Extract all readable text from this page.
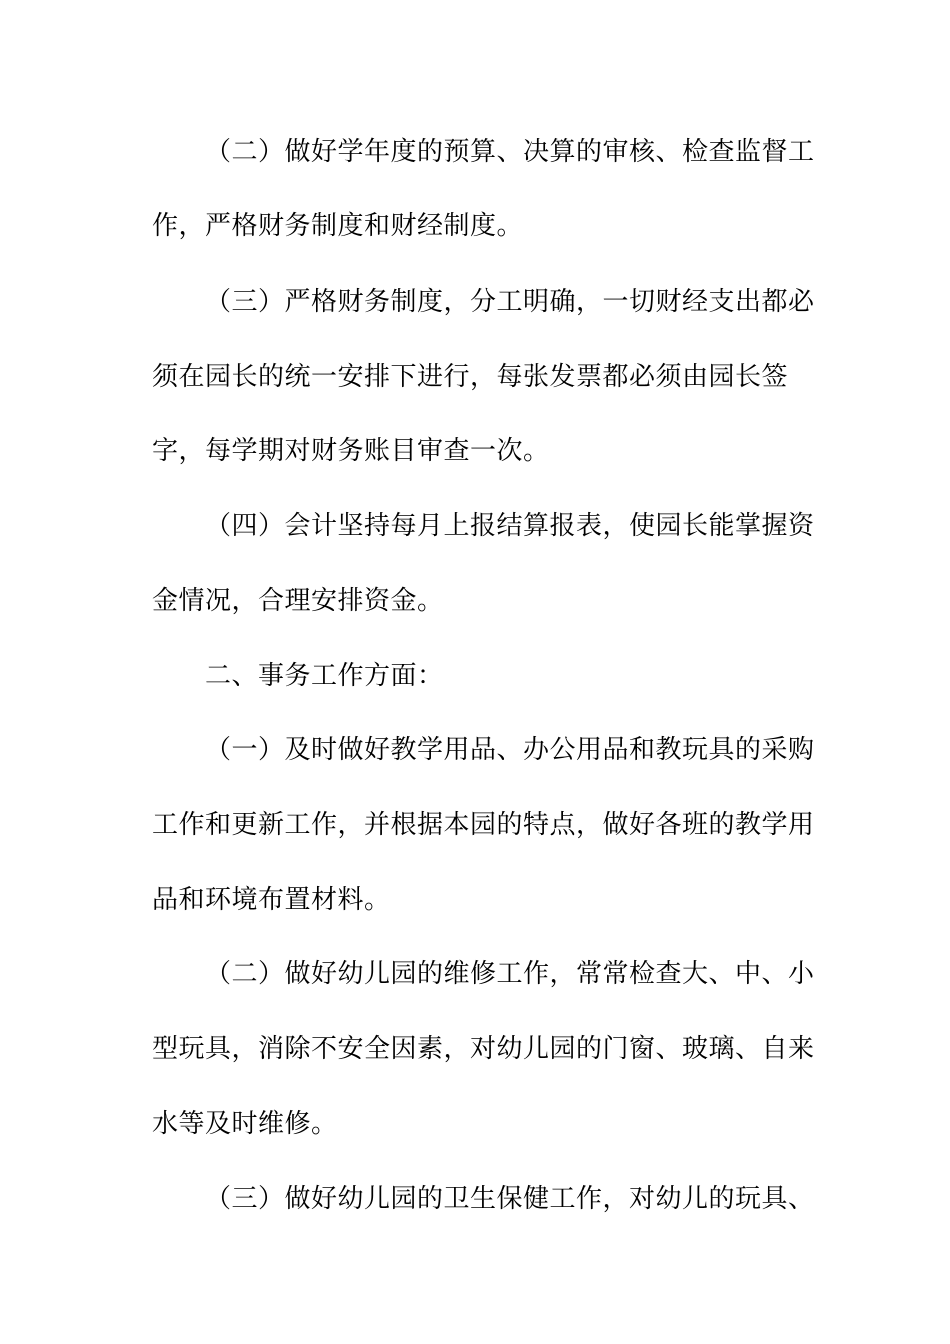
（二）做好学年度的预算、决算的审核、检查监督工
作，严格财务制度和财经制度。
（三）严格财务制度，分工明确，一切财经支出都必
须在园长的统一安排下进行，每张发票都必须由园长签
字，每学期对财务账目审查一次。
（四）会计坚持每月上报结算报表，使园长能掌握资
金情况，合理安排资金。
二、事务工作方面：
（一）及时做好教学用品、办公用品和教玩具的采购
工作和更新工作，并根据本园的特点，做好各班的教学用
品和环境布置材料。
（二）做好幼儿园的维修工作，常常检查大、中、小
型玩具，消除不安全因素，对幼儿园的门窗、玻璃、自来
水等及时维修。
（三）做好幼儿园的卫生保健工作，对幼儿的玩具、
